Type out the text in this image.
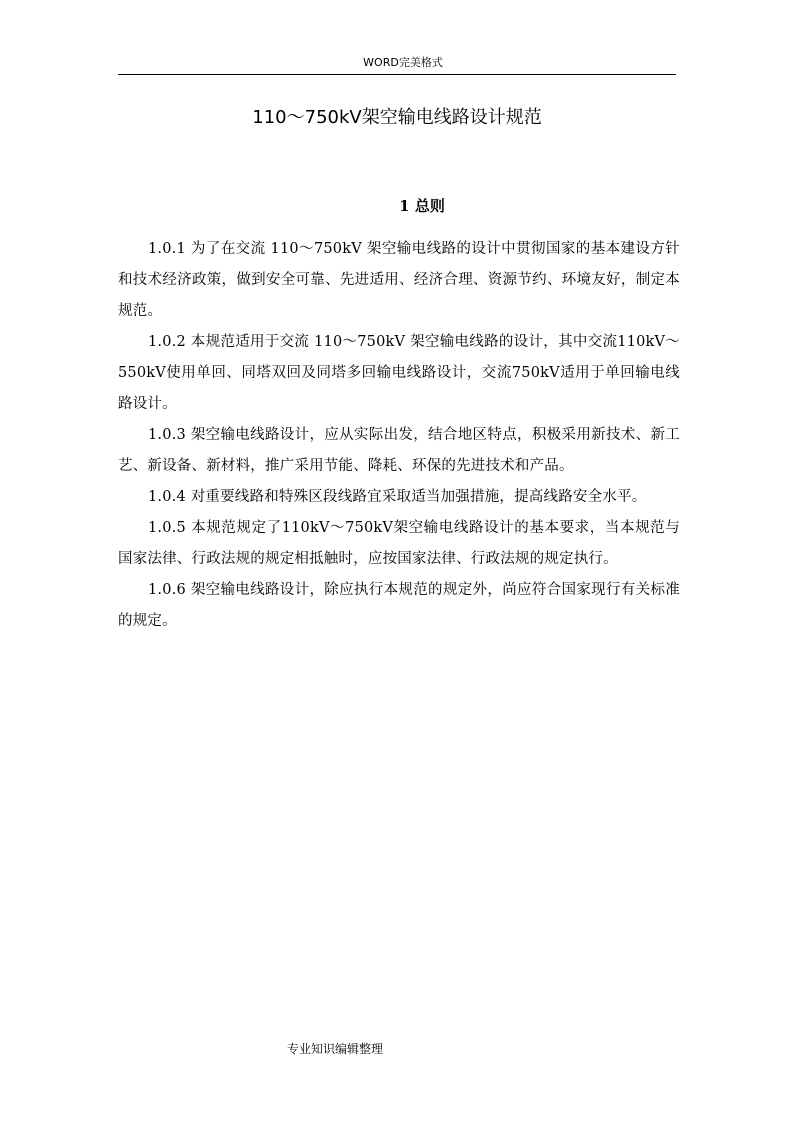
WORD完美格式
110～750kV架空输电线路设计规范
1 总则

1.0.1 为了在交流 110～750kV 架空输电线路的设计中贯彻国家的基本建设方针和技术经济政策，做到安全可靠、先进适用、经济合理、资源节约、环境友好，制定本规范。

1.0.2 本规范适用于交流 110～750kV 架空输电线路的设计，其中交流110kV～550kV使用单回、同塔双回及同塔多回输电线路设计，交流750kV适用于单回输电线路设计。

1.0.3 架空输电线路设计，应从实际出发，结合地区特点，积极采用新技术、新工艺、新设备、新材料，推广采用节能、降耗、环保的先进技术和产品。

1.0.4 对重要线路和特殊区段线路宜采取适当加强措施，提高线路安全水平。

1.0.5 本规范规定了110kV～750kV架空输电线路设计的基本要求，当本规范与国家法律、行政法规的规定相抵触时，应按国家法律、行政法规的规定执行。

1.0.6 架空输电线路设计，除应执行本规范的规定外，尚应符合国家现行有关标准的规定。

专业知识编辑整理
